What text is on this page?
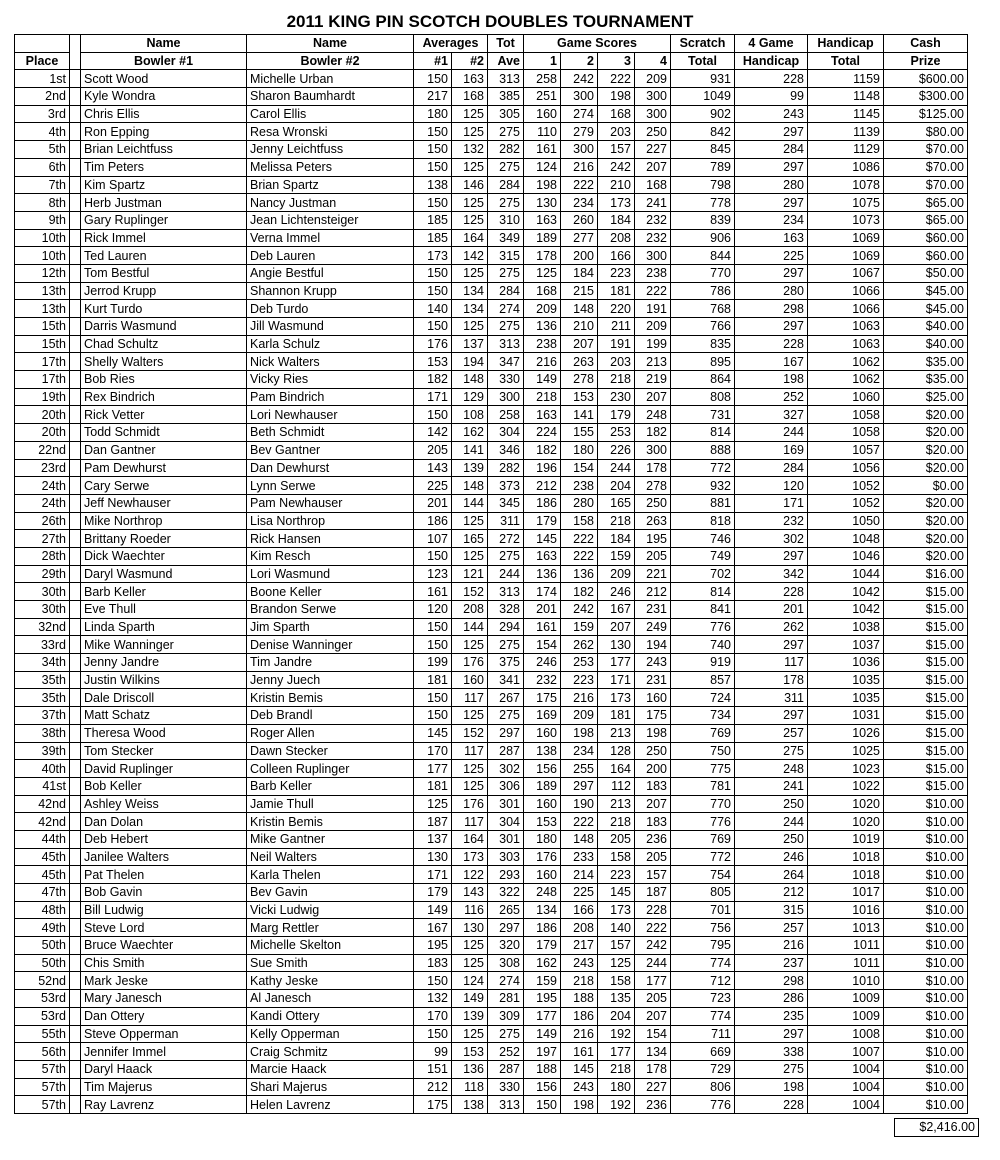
2011 KING PIN SCOTCH DOUBLES TOURNAMENT
		Name	Name	Averages		Tot	Game Scores				Scratch	4 Game	Handicap	Cash
Place		Bowler #1	Bowler #2	#1	#2	Ave	1	2	3	4	Total	Handicap	Total	Prize
1st		Scott Wood	Michelle Urban	150	163	313	258	242	222	209	931	228	1159	$600.00
2nd		Kyle Wondra	Sharon Baumhardt	217	168	385	251	300	198	300	1049	99	1148	$300.00
3rd		Chris Ellis	Carol Ellis	180	125	305	160	274	168	300	902	243	1145	$125.00
4th		Ron Epping	Resa Wronski	150	125	275	110	279	203	250	842	297	1139	$80.00
5th		Brian Leichtfuss	Jenny Leichtfuss	150	132	282	161	300	157	227	845	284	1129	$70.00
6th		Tim Peters	Melissa Peters	150	125	275	124	216	242	207	789	297	1086	$70.00
7th		Kim Spartz	Brian Spartz	138	146	284	198	222	210	168	798	280	1078	$70.00
8th		Herb Justman	Nancy Justman	150	125	275	130	234	173	241	778	297	1075	$65.00
9th		Gary Ruplinger	Jean Lichtensteiger	185	125	310	163	260	184	232	839	234	1073	$65.00
10th		Rick Immel	Verna Immel	185	164	349	189	277	208	232	906	163	1069	$60.00
10th		Ted Lauren	Deb Lauren	173	142	315	178	200	166	300	844	225	1069	$60.00
12th		Tom Bestful	Angie Bestful	150	125	275	125	184	223	238	770	297	1067	$50.00
13th		Jerrod Krupp	Shannon Krupp	150	134	284	168	215	181	222	786	280	1066	$45.00
13th		Kurt Turdo	Deb Turdo	140	134	274	209	148	220	191	768	298	1066	$45.00
15th		Darris Wasmund	Jill Wasmund	150	125	275	136	210	211	209	766	297	1063	$40.00
15th		Chad Schultz	Karla Schulz	176	137	313	238	207	191	199	835	228	1063	$40.00
17th		Shelly Walters	Nick Walters	153	194	347	216	263	203	213	895	167	1062	$35.00
17th		Bob Ries	Vicky Ries	182	148	330	149	278	218	219	864	198	1062	$35.00
19th		Rex Bindrich	Pam Bindrich	171	129	300	218	153	230	207	808	252	1060	$25.00
20th		Rick Vetter	Lori Newhauser	150	108	258	163	141	179	248	731	327	1058	$20.00
20th		Todd Schmidt	Beth Schmidt	142	162	304	224	155	253	182	814	244	1058	$20.00
22nd		Dan Gantner	Bev Gantner	205	141	346	182	180	226	300	888	169	1057	$20.00
23rd		Pam Dewhurst	Dan Dewhurst	143	139	282	196	154	244	178	772	284	1056	$20.00
24th		Cary Serwe	Lynn Serwe	225	148	373	212	238	204	278	932	120	1052	$0.00
24th		Jeff Newhauser	Pam Newhauser	201	144	345	186	280	165	250	881	171	1052	$20.00
26th		Mike Northrop	Lisa Northrop	186	125	311	179	158	218	263	818	232	1050	$20.00
27th		Brittany Roeder	Rick Hansen	107	165	272	145	222	184	195	746	302	1048	$20.00
28th		Dick Waechter	Kim Resch	150	125	275	163	222	159	205	749	297	1046	$20.00
29th		Daryl Wasmund	Lori Wasmund	123	121	244	136	136	209	221	702	342	1044	$16.00
30th		Barb Keller	Boone Keller	161	152	313	174	182	246	212	814	228	1042	$15.00
30th		Eve Thull	Brandon Serwe	120	208	328	201	242	167	231	841	201	1042	$15.00
32nd		Linda Sparth	Jim Sparth	150	144	294	161	159	207	249	776	262	1038	$15.00
33rd		Mike Wanninger	Denise Wanninger	150	125	275	154	262	130	194	740	297	1037	$15.00
34th		Jenny Jandre	Tim Jandre	199	176	375	246	253	177	243	919	117	1036	$15.00
35th		Justin Wilkins	Jenny Juech	181	160	341	232	223	171	231	857	178	1035	$15.00
35th		Dale Driscoll	Kristin Bemis	150	117	267	175	216	173	160	724	311	1035	$15.00
37th		Matt Schatz	Deb Brandl	150	125	275	169	209	181	175	734	297	1031	$15.00
38th		Theresa Wood	Roger Allen	145	152	297	160	198	213	198	769	257	1026	$15.00
39th		Tom Stecker	Dawn Stecker	170	117	287	138	234	128	250	750	275	1025	$15.00
40th		David Ruplinger	Colleen Ruplinger	177	125	302	156	255	164	200	775	248	1023	$15.00
41st		Bob Keller	Barb Keller	181	125	306	189	297	112	183	781	241	1022	$15.00
42nd		Ashley Weiss	Jamie Thull	125	176	301	160	190	213	207	770	250	1020	$10.00
42nd		Dan Dolan	Kristin Bemis	187	117	304	153	222	218	183	776	244	1020	$10.00
44th		Deb Hebert	Mike Gantner	137	164	301	180	148	205	236	769	250	1019	$10.00
45th		Janilee Walters	Neil Walters	130	173	303	176	233	158	205	772	246	1018	$10.00
45th		Pat Thelen	Karla Thelen	171	122	293	160	214	223	157	754	264	1018	$10.00
47th		Bob Gavin	Bev Gavin	179	143	322	248	225	145	187	805	212	1017	$10.00
48th		Bill Ludwig	Vicki Ludwig	149	116	265	134	166	173	228	701	315	1016	$10.00
49th		Steve Lord	Marg Rettler	167	130	297	186	208	140	222	756	257	1013	$10.00
50th		Bruce Waechter	Michelle Skelton	195	125	320	179	217	157	242	795	216	1011	$10.00
50th		Chis Smith	Sue Smith	183	125	308	162	243	125	244	774	237	1011	$10.00
52nd		Mark Jeske	Kathy Jeske	150	124	274	159	218	158	177	712	298	1010	$10.00
53rd		Mary Janesch	Al Janesch	132	149	281	195	188	135	205	723	286	1009	$10.00
53rd		Dan Ottery	Kandi Ottery	170	139	309	177	186	204	207	774	235	1009	$10.00
55th		Steve Opperman	Kelly Opperman	150	125	275	149	216	192	154	711	297	1008	$10.00
56th		Jennifer Immel	Craig Schmitz	99	153	252	197	161	177	134	669	338	1007	$10.00
57th		Daryl Haack	Marcie Haack	151	136	287	188	145	218	178	729	275	1004	$10.00
57th		Tim Majerus	Shari Majerus	212	118	330	156	243	180	227	806	198	1004	$10.00
57th		Ray Lavrenz	Helen Lavrenz	175	138	313	150	198	192	236	776	228	1004	$10.00
$2,416.00
